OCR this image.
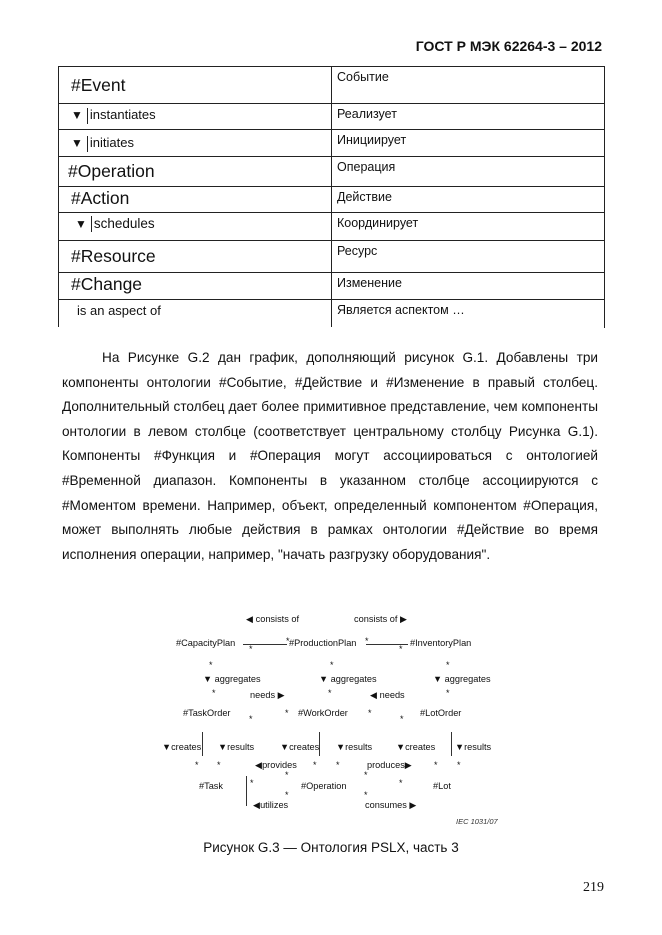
ГОСТ Р МЭК 62264-3 – 2012
#Event	Событие

▼ instantiates	Реализует

▼ initiates	Инициирует

#Operation	Операция

#Action	Действие

▼ schedules	Координирует

#Resource	Ресурс

#Change	Изменение

is an aspect of	Является аспектом …
На Рисунке G.2 дан график, дополняющий рисунок G.1. Добавлены три компоненты онтологии #Событие, #Действие и #Изменение в правый столбец. Дополнительный столбец дает более примитивное представление, чем компоненты онтологии в левом столбце (соответствует центральному столбцу Рисунка G.1). Компоненты #Функция и #Операция могут ассоциироваться с онтологией #Временной диапазон. Компоненты в указанном столбце ассоциируются с #Моментом времени. Например, объект, определенный компонентом #Операция, может выполнять любые действия в рамках онтологии #Действие во время исполнения операции, например, "начать разгрузку оборудования".
◀ consists of	consists of ▶
#CapacityPlan	#ProductionPlan	#InventoryPlan
▼ aggregates	▼ aggregates	▼ aggregates
needs ▶	◀ needs
#TaskOrder	#WorkOrder	#LotOrder
▼creates ▼results	▼creates ▼results	▼creates ▼results
◀provides	produces▶
#Task	#Operation	#Lot
◀utilizes	consumes ▶
*
*	*
*
*	*	*
*	*	*
*
*	*
*
* *	* *	* *
*
*	*
*
*	*
IEC 1031/07
Рисунок G.3 — Онтология PSLX, часть 3
219
